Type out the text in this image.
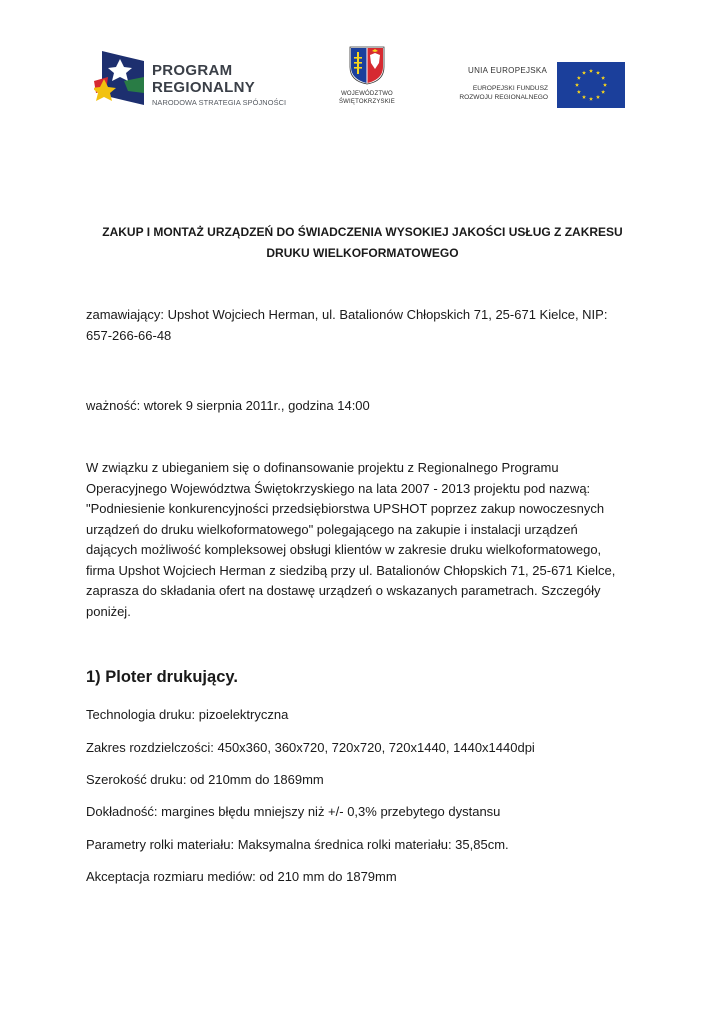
PROGRAM
REGIONALNY
NARODOWA STRATEGIA SPÓJNOŚCI
WOJEWÓDZTWO
ŚWIĘTOKRZYSKIE
UNIA EUROPEJSKA
EUROPEJSKI FUNDUSZ
ROZWOJU REGIONALNEGO
ZAKUP I MONTAŻ URZĄDZEŃ DO ŚWIADCZENIA WYSOKIEJ JAKOŚCI USŁUG Z ZAKRESU
DRUKU WIELKOFORMATOWEGO
zamawiający: Upshot Wojciech Herman, ul. Batalionów Chłopskich 71, 25-671 Kielce, NIP:
657-266-66-48
ważność: wtorek 9 sierpnia 2011r., godzina 14:00
W związku z ubieganiem się o dofinansowanie projektu z Regionalnego Programu
Operacyjnego Województwa Świętokrzyskiego na lata 2007 - 2013 projektu pod nazwą:
"Podniesienie konkurencyjności przedsiębiorstwa UPSHOT poprzez zakup nowoczesnych
urządzeń do druku wielkoformatowego" polegającego na zakupie i instalacji urządzeń
dających możliwość kompleksowej obsługi klientów w zakresie druku wielkoformatowego,
firma Upshot Wojciech Herman z siedzibą przy ul. Batalionów Chłopskich 71, 25-671 Kielce,
zaprasza do składania ofert na dostawę urządzeń o wskazanych parametrach. Szczegóły
poniżej.
1) Ploter drukujący.
Technologia druku: pizoelektryczna
Zakres rozdzielczości: 450x360, 360x720, 720x720, 720x1440, 1440x1440dpi
Szerokość druku: od 210mm do 1869mm
Dokładność: margines błędu mniejszy niż +/- 0,3% przebytego dystansu
Parametry rolki materiału: Maksymalna średnica rolki materiału: 35,85cm.
Akceptacja rozmiaru mediów: od 210 mm do 1879mm
